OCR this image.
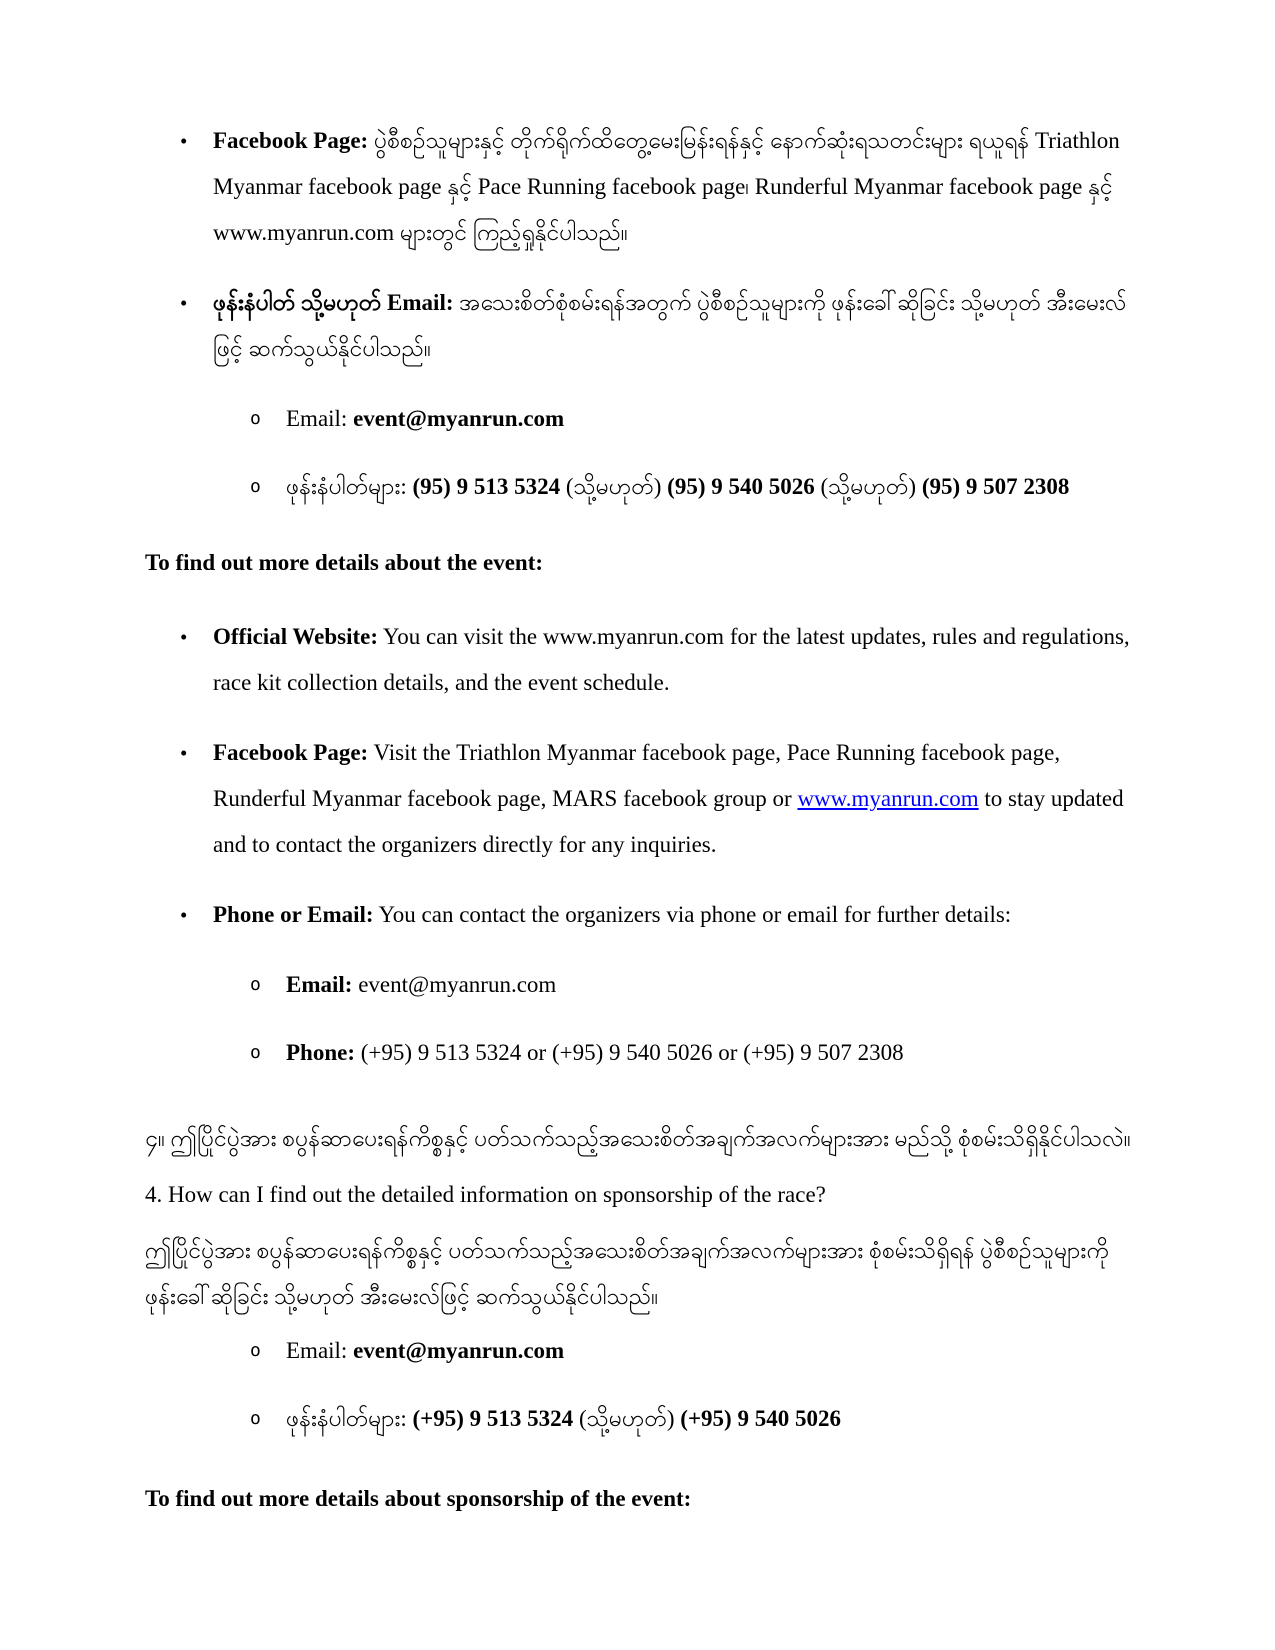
•	Facebook Page: ပွဲစီစဉ်သူများနှင့် တိုက်ရိုက်ထိတွေ့မေးမြန်းရန်နှင့် နောက်ဆုံးရသတင်းများ ရယူရန် Triathlon Myanmar facebook page နှင့် Pace Running facebook page၊ Runderful Myanmar facebook page နှင့် www.myanrun.com များတွင် ကြည့်ရှုနိုင်ပါသည်။
•	ဖုန်းနံပါတ် သို့မဟုတ် Email: အသေးစိတ်စုံစမ်းရန်အတွက် ပွဲစီစဉ်သူများကို ဖုန်းခေါ်ဆိုခြင်း သို့မဟုတ် အီးမေးလ်ဖြင့် ဆက်သွယ်နိုင်ပါသည်။
o	Email: event@myanrun.com
o	ဖုန်းနံပါတ်များ: (95) 9 513 5324 (သို့မဟုတ်) (95) 9 540 5026 (သို့မဟုတ်) (95) 9 507 2308

To find out more details about the event:

•	Official Website: You can visit the www.myanrun.com for the latest updates, rules and regulations, race kit collection details, and the event schedule.
•	Facebook Page: Visit the Triathlon Myanmar facebook page, Pace Running facebook page, Runderful Myanmar facebook page, MARS facebook group or www.myanrun.com to stay updated and to contact the organizers directly for any inquiries.
•	Phone or Email: You can contact the organizers via phone or email for further details:
o	Email: event@myanrun.com
o	Phone: (+95) 9 513 5324 or (+95) 9 540 5026 or (+95) 9 507 2308

၄။ ဤပြိုင်ပွဲအား စပွန်ဆာပေးရန်ကိစ္စနှင့် ပတ်သက်သည့်အသေးစိတ်အချက်အလက်များအား မည်သို့ စုံစမ်းသိရှိနိုင်ပါသလဲ။

4. How can I find out the detailed information on sponsorship of the race?

ဤပြိုင်ပွဲအား စပွန်ဆာပေးရန်ကိစ္စနှင့် ပတ်သက်သည့်အသေးစိတ်အချက်အလက်များအား စုံစမ်းသိရှိရန် ပွဲစီစဉ်သူများကို ဖုန်းခေါ်ဆိုခြင်း သို့မဟုတ် အီးမေးလ်ဖြင့် ဆက်သွယ်နိုင်ပါသည်။

o	Email: event@myanrun.com
o	ဖုန်းနံပါတ်များ: (+95) 9 513 5324 (သို့မဟုတ်) (+95) 9 540 5026

To find out more details about sponsorship of the event:
